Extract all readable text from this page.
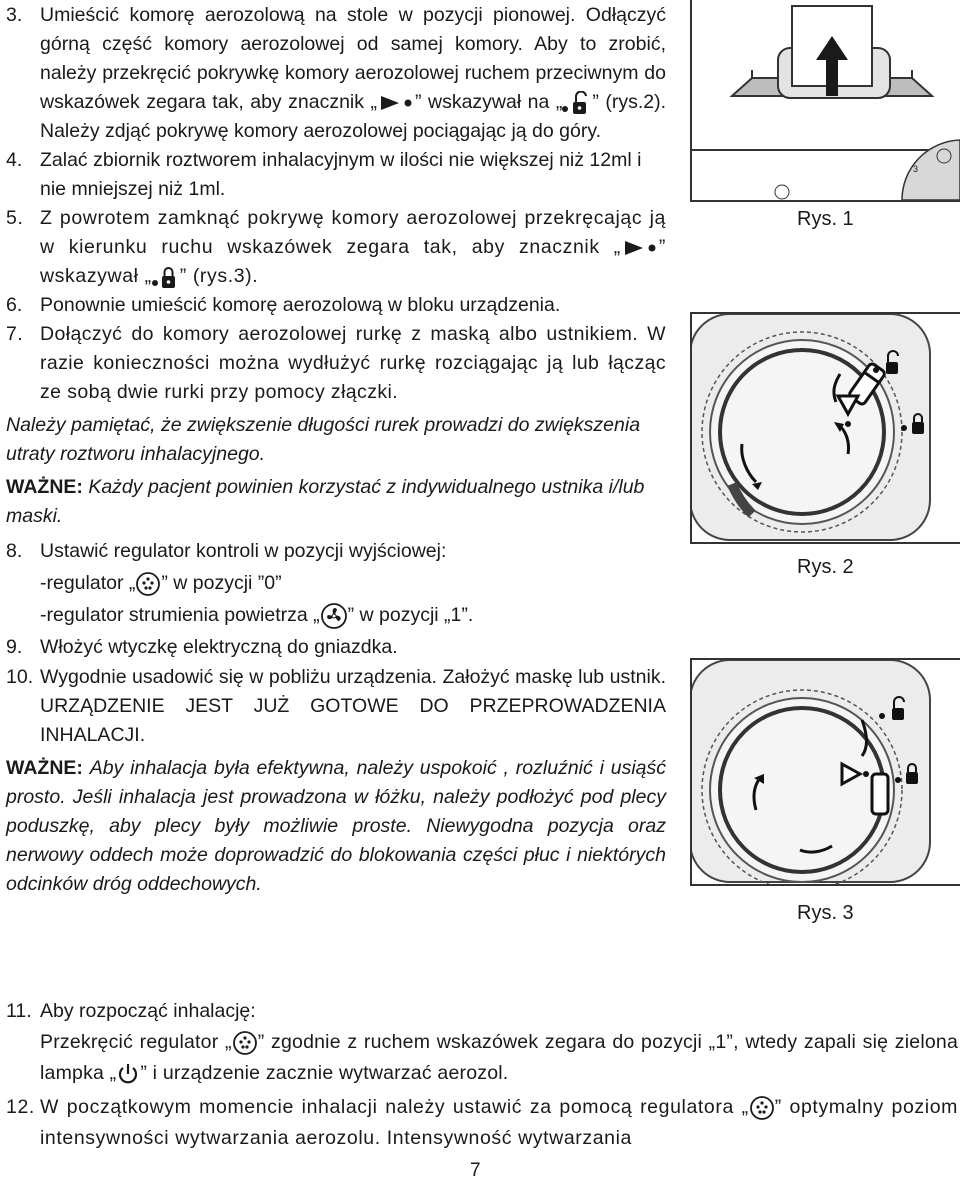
3. Umieścić komorę aerozolową na stole w pozycji pionowej. Odłączyć górną część komory aerozolowej od samej komory. Aby to zrobić, należy przekręcić pokrywkę komory aerozolowej ruchem przeciwnym do wskazówek zegara tak, aby znacznik „ ” wskazywał na „ ” (rys.2). Należy zdjąć pokrywę komory aerozolowej pociągając ją do góry.
4. Zalać zbiornik roztworem inhalacyjnym w ilości nie większej niż 12ml i nie mniejszej niż 1ml.
5. Z powrotem zamknąć pokrywę komory aerozolowej przekręcając ją w kierunku ruchu wskazówek zegara tak, aby znacznik „ ” wskazywał „ ” (rys.3).
6. Ponownie umieścić komorę aerozolową w bloku urządzenia.
7. Dołączyć do komory aerozolowej rurkę z maską albo ustnikiem. W razie konieczności można wydłużyć rurkę rozciągając ją lub łącząc ze sobą dwie rurki przy pomocy złączki.
Należy pamiętać, że zwiększenie długości rurek prowadzi do zwiększenia utraty roztworu inhalacyjnego.
WAŻNE: Każdy pacjent powinien korzystać z indywidualnego ustnika i/lub maski.
8. Ustawić regulator kontroli w pozycji wyjściowej:
-regulator „ ” w pozycji ”0”
-regulator strumienia powietrza „ ” w pozycji „1”.
9. Włożyć wtyczkę elektryczną do gniazdka.
10. Wygodnie usadowić się w pobliżu urządzenia. Założyć maskę lub ustnik. URZĄDZENIE JEST JUŻ GOTOWE DO PRZEPROWADZENIA INHALACJI.
WAŻNE: Aby inhalacja była efektywna, należy uspokoić , rozluźnić i usiąść prosto. Jeśli inhalacja jest prowadzona w łóżku, należy podłożyć pod plecy poduszkę, aby plecy były możliwie proste. Niewygodna pozycja oraz nerwowy oddech może doprowadzić do blokowania części płuc i niektórych odcinków dróg oddechowych.
11. Aby rozpocząć inhalację:
Przekręcić regulator „ ” zgodnie z ruchem wskazówek zegara do pozycji „1”, wtedy zapali się zielona lampka „ ” i urządzenie zacznie wytwarzać aerozol.
12. W początkowym momencie inhalacji należy ustawić za pomocą regulatora „ ” optymalny poziom intensywności wytwarzania aerozolu. Intensywność wytwarzania
3
Rys. 1
Rys. 2
Rys. 3
7
